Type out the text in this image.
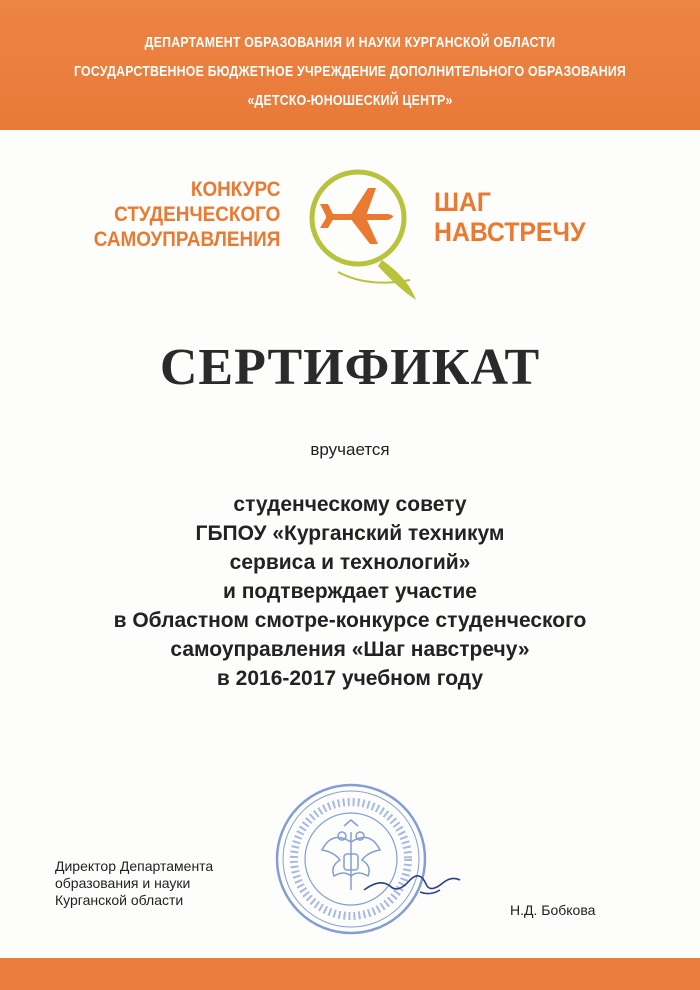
ДЕПАРТАМЕНТ ОБРАЗОВАНИЯ И НАУКИ КУРГАНСКОЙ ОБЛАСТИ
ГОСУДАРСТВЕННОЕ БЮДЖЕТНОЕ УЧРЕЖДЕНИЕ ДОПОЛНИТЕЛЬНОГО ОБРАЗОВАНИЯ
«ДЕТСКО-ЮНОШЕСКИЙ ЦЕНТР»
КОНКУРС
СТУДЕНЧЕСКОГО
САМОУПРАВЛЕНИЯ
ШАГ
НАВСТРЕЧУ
СЕРТИФИКАТ
вручается
студенческому совету
ГБПОУ «Курганский техникум
сервиса и технологий»
и подтверждает участие
в Областном смотре-конкурсе студенческого
самоуправления «Шаг навстречу»
в 2016-2017 учебном году
Директор Департамента
образования и науки
Курганской области
Н.Д. Бобкова
